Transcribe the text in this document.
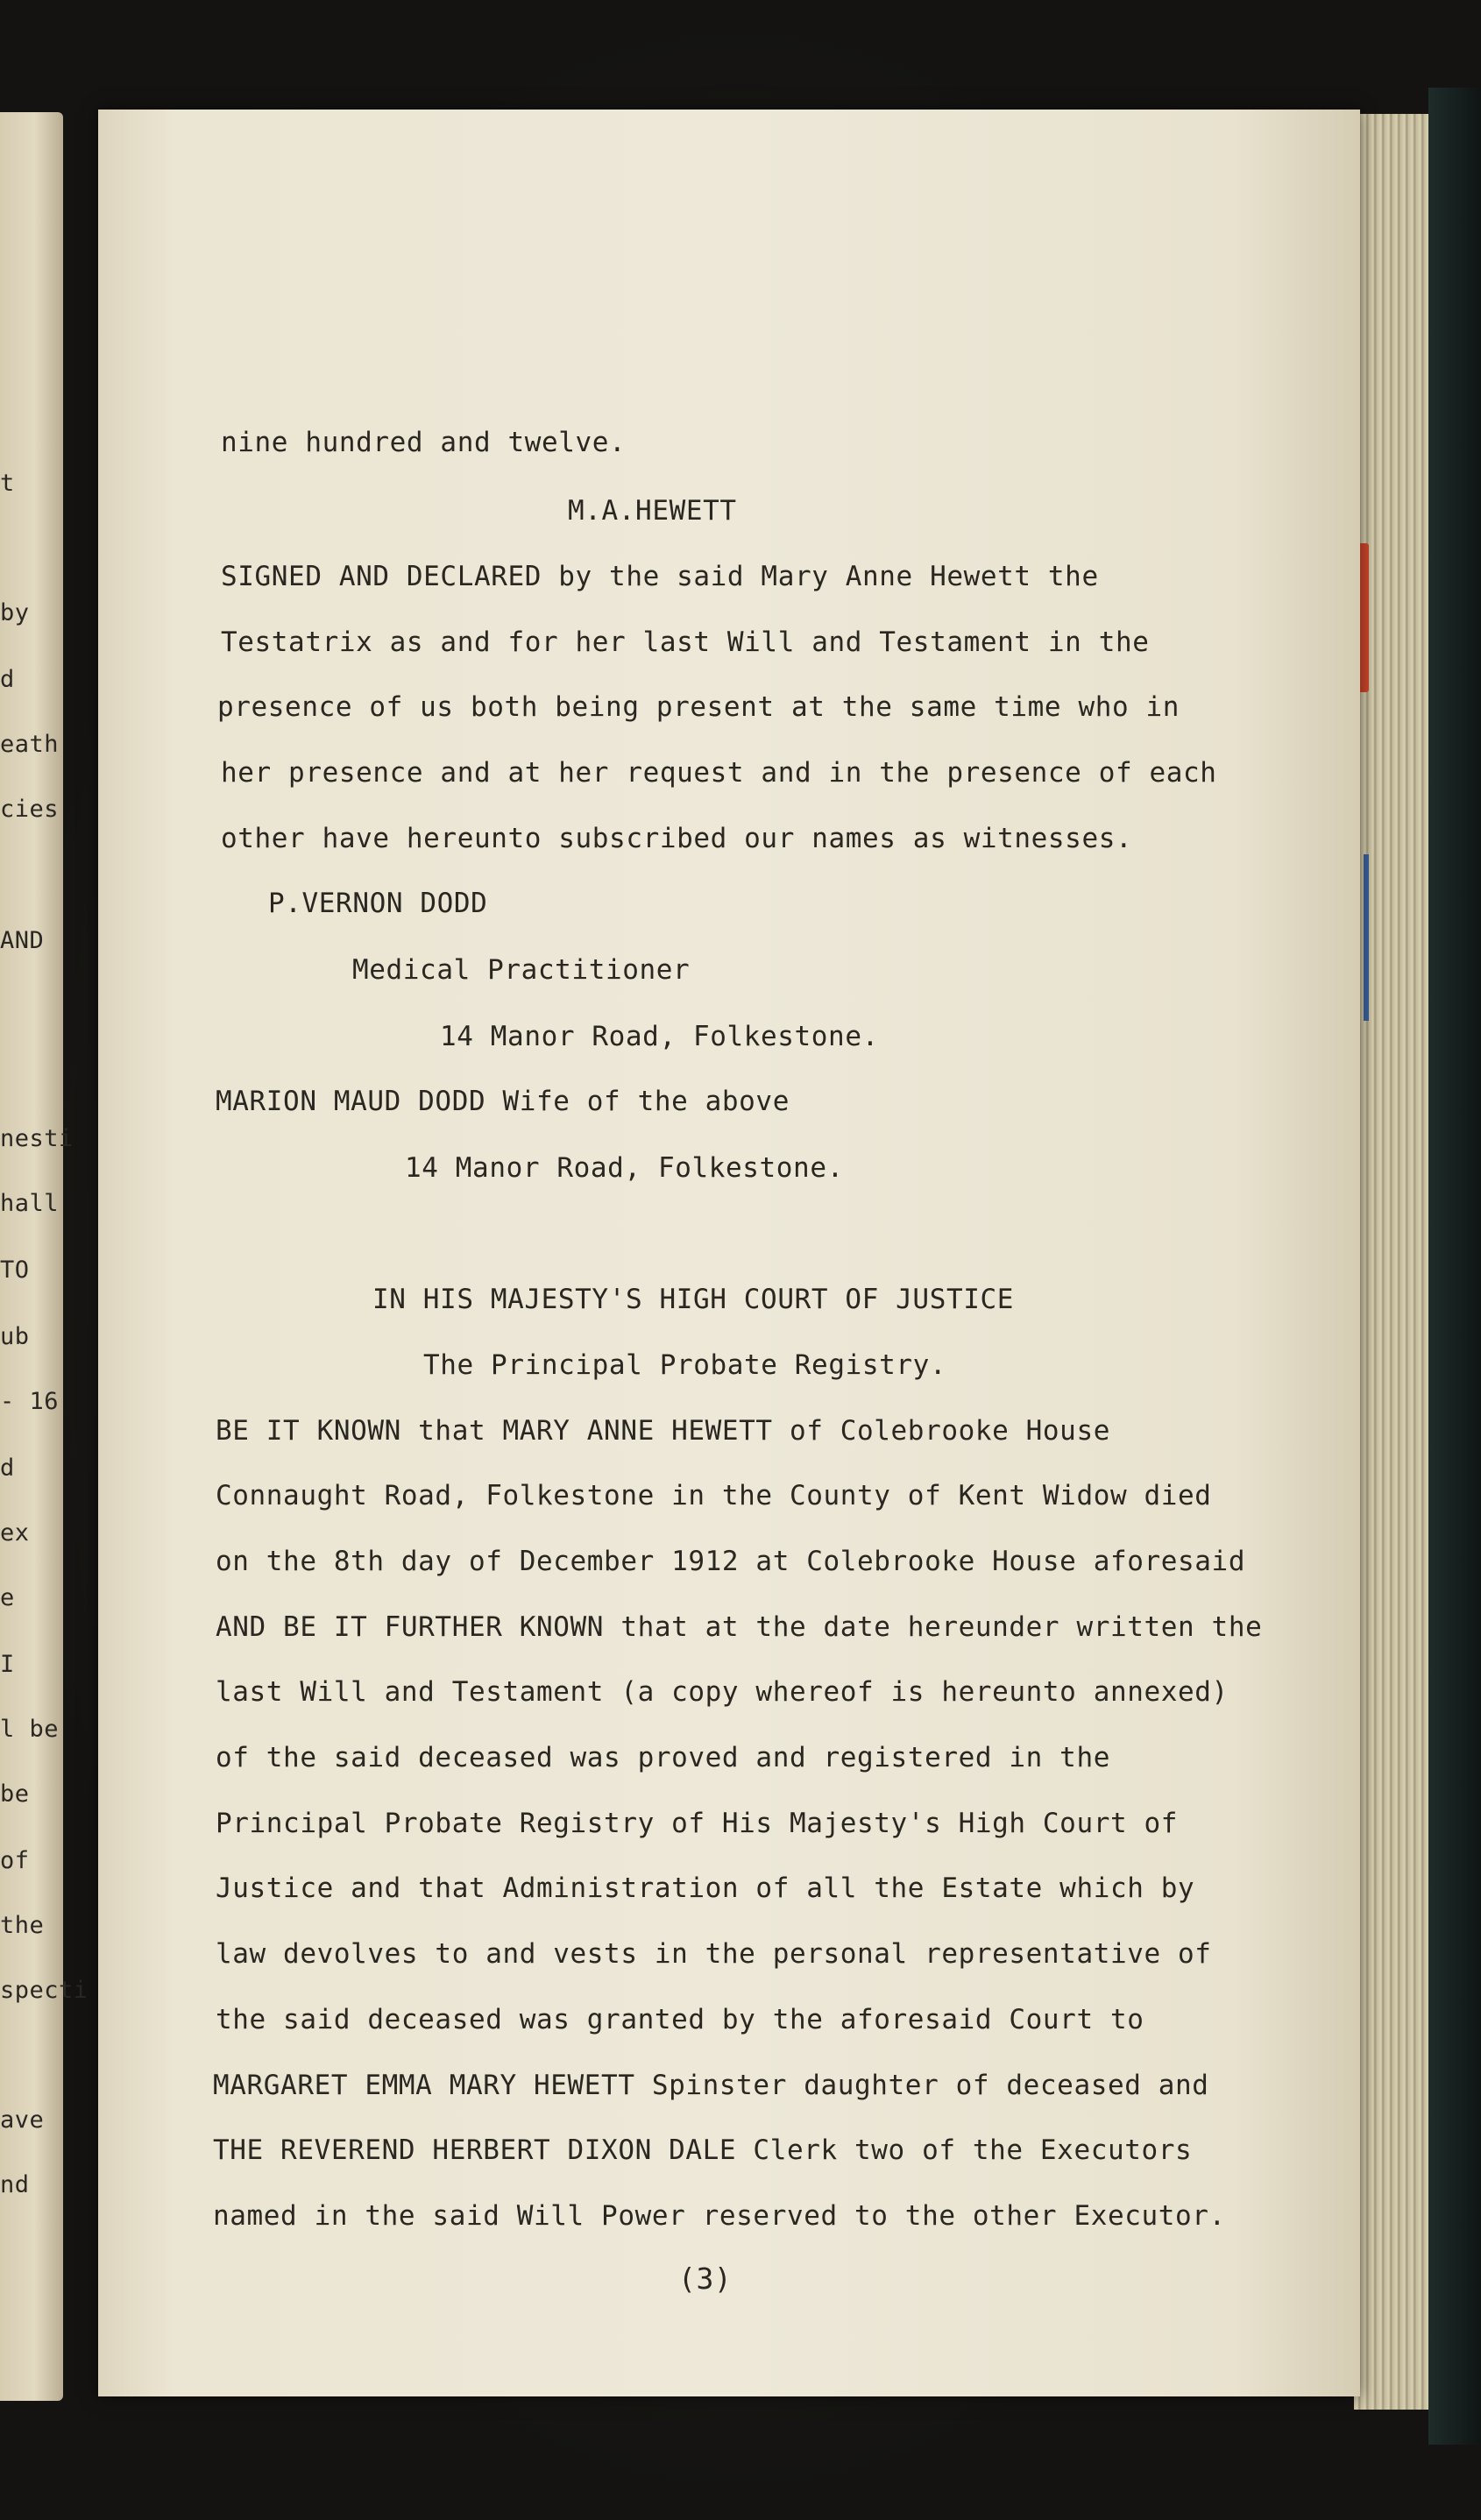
t
by
d
eath
cies
AND
nesti
hall
TO
ub
- 16
d
ex
e
I
l be
be
of
the
specti
ave
nd
nine hundred and twelve.
M.A.HEWETT
SIGNED AND DECLARED by the said Mary Anne Hewett the
Testatrix as and for her last Will and Testament in the
presence of us both being present at the same time who in
her presence and at her request and in the presence of each
other have hereunto subscribed our names as witnesses.
P.VERNON DODD
Medical Practitioner
14 Manor Road, Folkestone.
MARION MAUD DODD Wife of the above
14 Manor Road, Folkestone.
IN HIS MAJESTY'S HIGH COURT OF JUSTICE
The Principal Probate Registry.
BE IT KNOWN that MARY ANNE HEWETT of Colebrooke House
Connaught Road, Folkestone in the County of Kent Widow died
on the 8th day of December 1912 at Colebrooke House aforesaid
AND BE IT FURTHER KNOWN that at the date hereunder written the
last Will and Testament (a copy whereof is hereunto annexed)
of the said deceased was proved and registered in the
Principal Probate Registry of His Majesty's High Court of
Justice and that Administration of all the Estate which by
law devolves to and vests in the personal representative of
the said deceased was granted by the aforesaid Court to
MARGARET EMMA MARY HEWETT Spinster daughter of deceased and
THE REVEREND HERBERT DIXON DALE Clerk two of the Executors
named in the said Will Power reserved to the other Executor.
(3)
